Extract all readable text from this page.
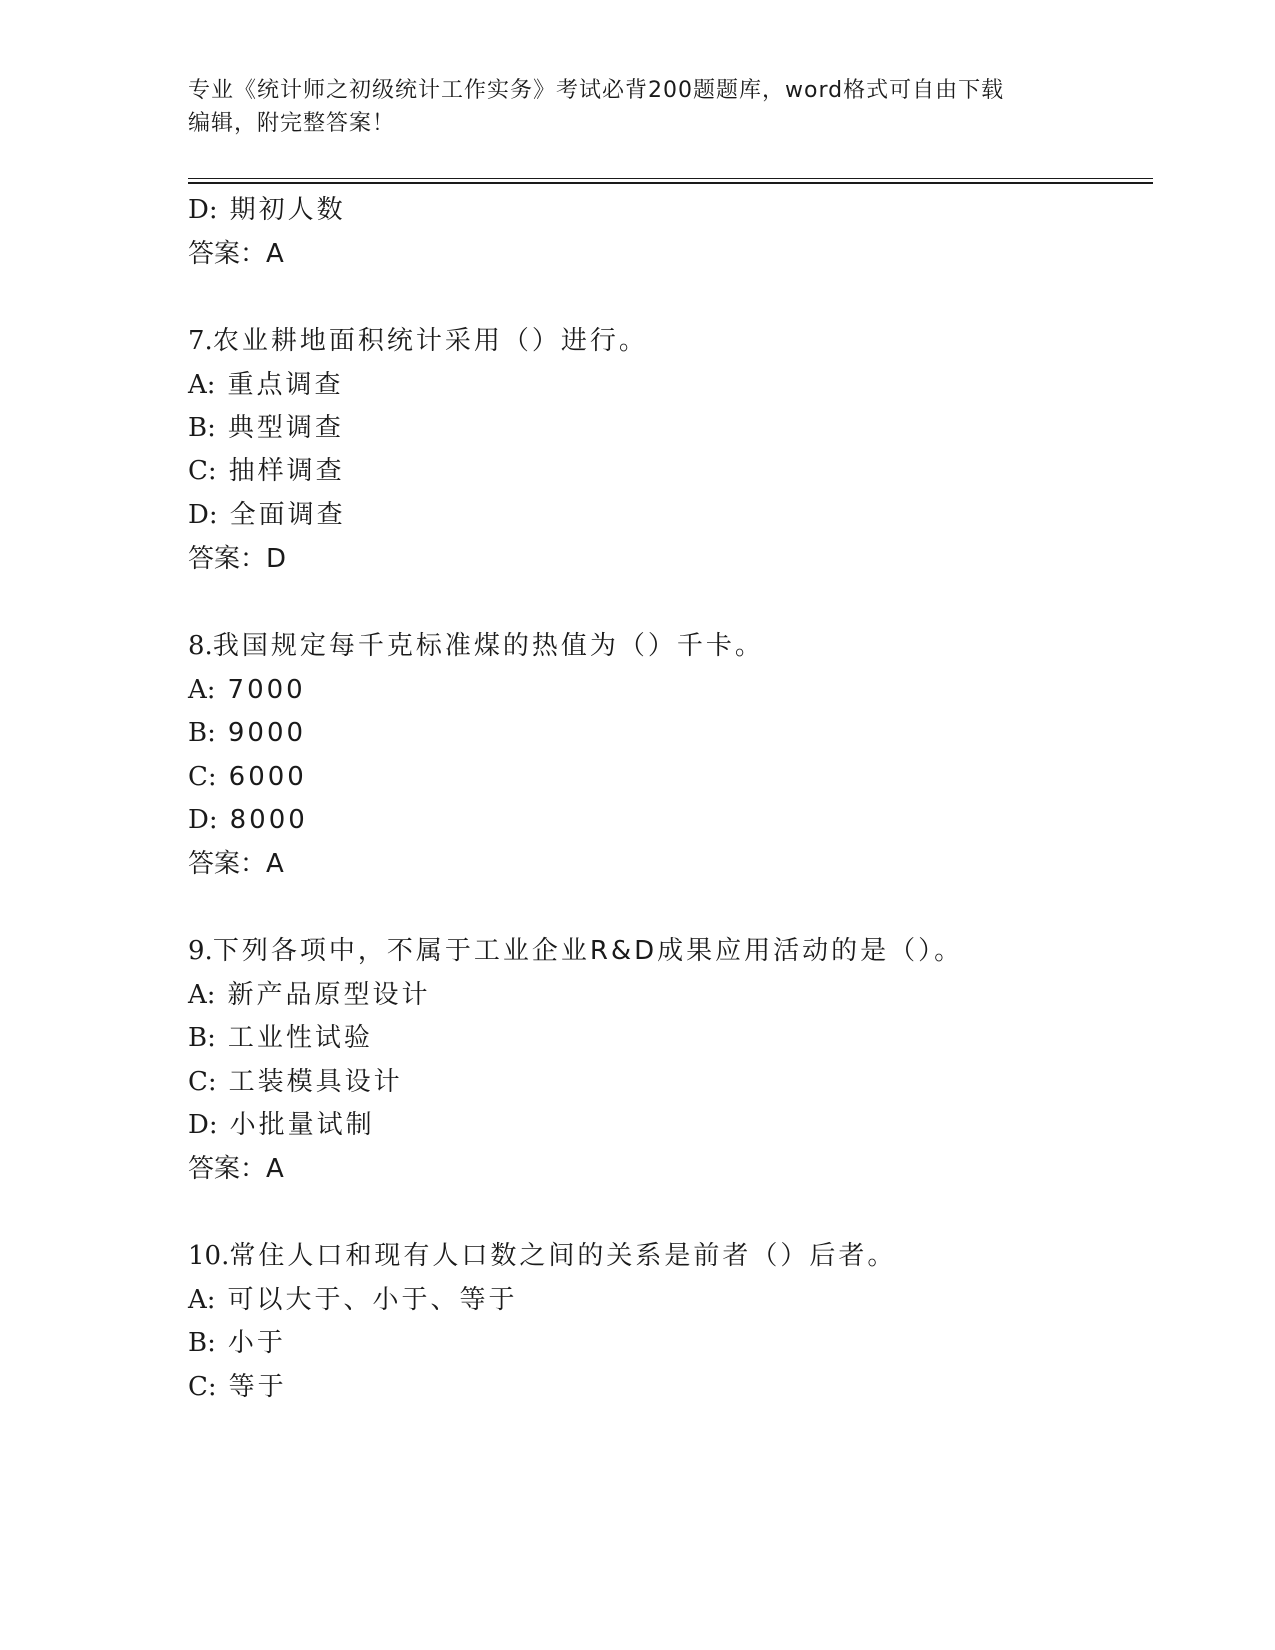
专业《统计师之初级统计工作实务》考试必背200题题库，word格式可自由下载
编辑，附完整答案！
D: 期初人数
答案：A
7.农业耕地面积统计采用（）进行。
A: 重点调查
B: 典型调查
C: 抽样调查
D: 全面调查
答案：D
8.我国规定每千克标准煤的热值为（）千卡。
A: 7000
B: 9000
C: 6000
D: 8000
答案：A
9.下列各项中，不属于工业企业R&D成果应用活动的是（）。
A: 新产品原型设计
B: 工业性试验
C: 工装模具设计
D: 小批量试制
答案：A
10.常住人口和现有人口数之间的关系是前者（）后者。
A: 可以大于、小于、等于
B: 小于
C: 等于
